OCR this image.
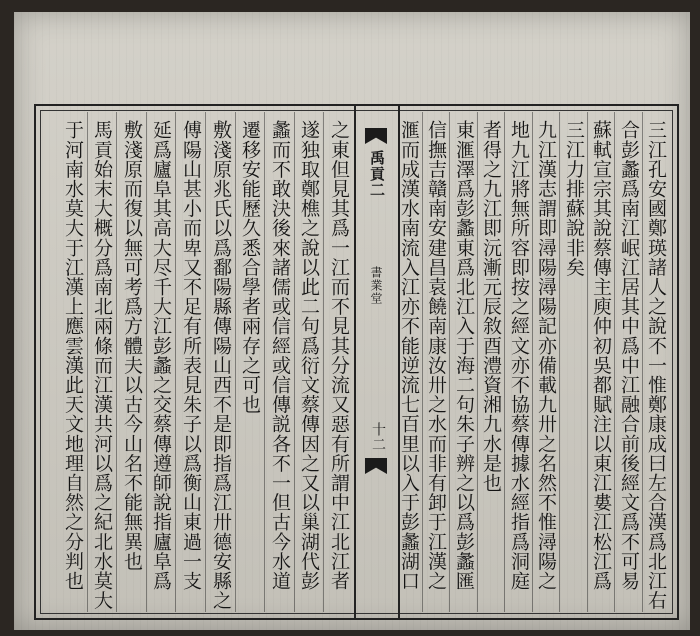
禹貢二
書業堂
十二	三江孔安國鄭瑛諸人之說不一惟鄭康成曰左合漢爲北江右
合彭蠡爲南江岷江居其中爲中江融合前後經文爲不可易
蘇軾宣宗其說蔡傳主庾仲初吳都賦注以東江婁江松江爲
三江力排蘇說非矣
九江漢志謂即潯陽潯陽記亦備載九卅之名然不惟潯陽之
地九江將無所容即按之經文亦不協蔡傳據水經指爲洞庭
者得之九江即沅漸元辰敘酉澧資湘九水是也
東滙澤爲彭蠡東爲北江入于海二句朱子辨之以爲彭蠡匯
信撫吉贛南安建昌袁饒南康汝卅之水而非有卸于江漢之
滙而成漢水南流入江亦不能逆流七百里以入于彭蠡湖口
之東但見其爲一江而不見其分流又惡有所謂中江北江者
遂独取鄭樵之說以此二句爲衍文蔡傳因之又以巢湖代彭
蠡而不敢決後來諸儒或信經或信傳説各不一但古今水道
遷移安能歷久悉合學者兩存之可也
敷淺原兆氏以爲鄱陽縣傳陽山西不是即指爲江卅德安縣之
傅陽山甚小而卑又不足有所表見朱子以爲衡山東過一支
延爲廬阜其高大尽千大江彭蠡之交蔡傳遵師說指廬阜爲
敷淺原而復以無可考爲方體夫以古今山名不能無異也
馬貢始末大概分爲南北兩條而江漢共河以爲之紀北水莫大
于河南水莫大于江漢上應雲漢此天文地理自然之分判也
